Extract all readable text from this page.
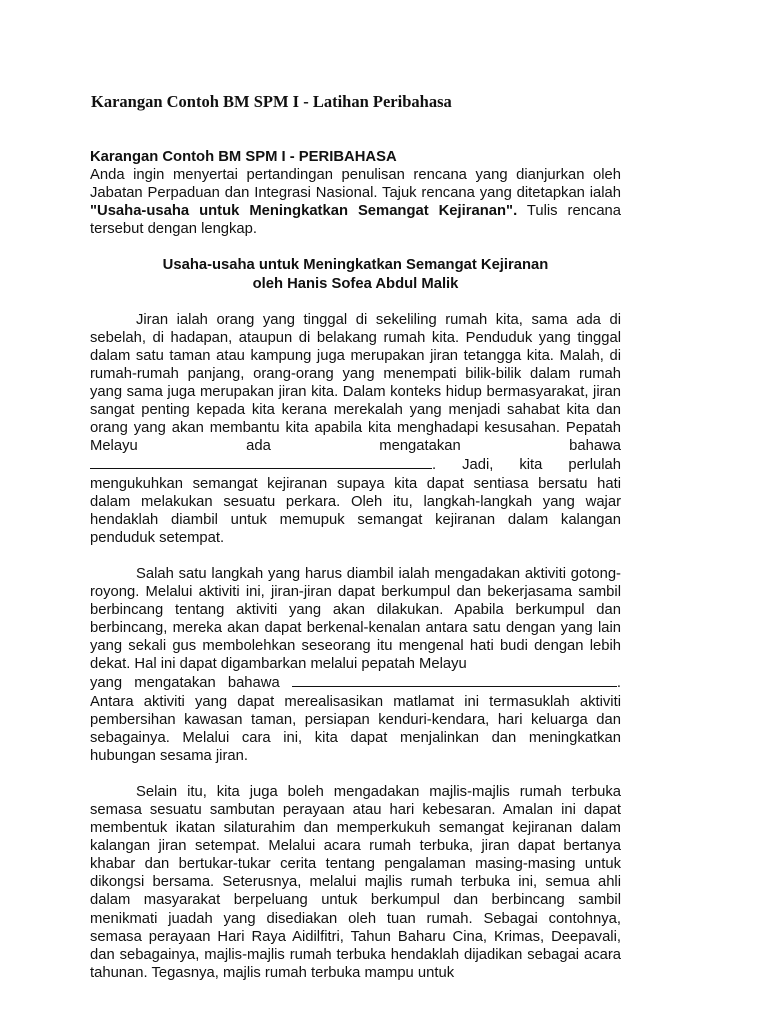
Karangan Contoh BM SPM I - Latihan Peribahasa
Karangan Contoh BM SPM I - PERIBAHASA
Anda ingin menyertai pertandingan penulisan rencana yang dianjurkan oleh Jabatan Perpaduan dan Integrasi Nasional. Tajuk rencana yang ditetapkan ialah "Usaha-usaha untuk Meningkatkan Semangat Kejiranan". Tulis rencana tersebut dengan lengkap.
Usaha-usaha untuk Meningkatkan Semangat Kejiranan
oleh Hanis Sofea Abdul Malik
Jiran ialah orang yang tinggal di sekeliling rumah kita, sama ada di sebelah, di hadapan, ataupun di belakang rumah kita. Penduduk yang tinggal dalam satu taman atau kampung juga merupakan jiran tetangga kita. Malah, di rumah-rumah panjang, orang-orang yang menempati bilik-bilik dalam rumah yang sama juga merupakan jiran kita. Dalam konteks hidup bermasyarakat, jiran sangat penting kepada kita kerana merekalah yang menjadi sahabat kita dan orang yang akan membantu kita apabila kita menghadapi kesusahan. Pepatah Melayu ada mengatakan bahawa . Jadi, kita perlulah mengukuhkan semangat kejiranan supaya kita dapat sentiasa bersatu hati dalam melakukan sesuatu perkara. Oleh itu, langkah-langkah yang wajar hendaklah diambil untuk memupuk semangat kejiranan dalam kalangan penduduk setempat.
Salah satu langkah yang harus diambil ialah mengadakan aktiviti gotong-royong. Melalui aktiviti ini, jiran-jiran dapat berkumpul dan bekerjasama sambil berbincang tentang aktiviti yang akan dilakukan. Apabila berkumpul dan berbincang, mereka akan dapat berkenal-kenalan antara satu dengan yang lain yang sekali gus membolehkan seseorang itu mengenal hati budi dengan lebih dekat. Hal ini dapat digambarkan melalui pepatah Melayu
yang mengatakan bahawa	.
Antara aktiviti yang dapat merealisasikan matlamat ini termasuklah aktiviti pembersihan kawasan taman, persiapan kenduri-kendara, hari keluarga dan sebagainya. Melalui cara ini, kita dapat menjalinkan dan meningkatkan hubungan sesama jiran.
Selain itu, kita juga boleh mengadakan majlis-majlis rumah terbuka semasa sesuatu sambutan perayaan atau hari kebesaran. Amalan ini dapat membentuk ikatan silaturahim dan memperkukuh semangat kejiranan dalam kalangan jiran setempat. Melalui acara rumah terbuka, jiran dapat bertanya khabar dan bertukar-tukar cerita tentang pengalaman masing-masing untuk dikongsi bersama. Seterusnya, melalui majlis rumah terbuka ini, semua ahli dalam masyarakat berpeluang untuk berkumpul dan berbincang sambil menikmati juadah yang disediakan oleh tuan rumah. Sebagai contohnya, semasa perayaan Hari Raya Aidilfitri, Tahun Baharu Cina, Krimas, Deepavali, dan sebagainya, majlis-majlis rumah terbuka hendaklah dijadikan sebagai acara tahunan. Tegasnya, majlis rumah terbuka mampu untuk
